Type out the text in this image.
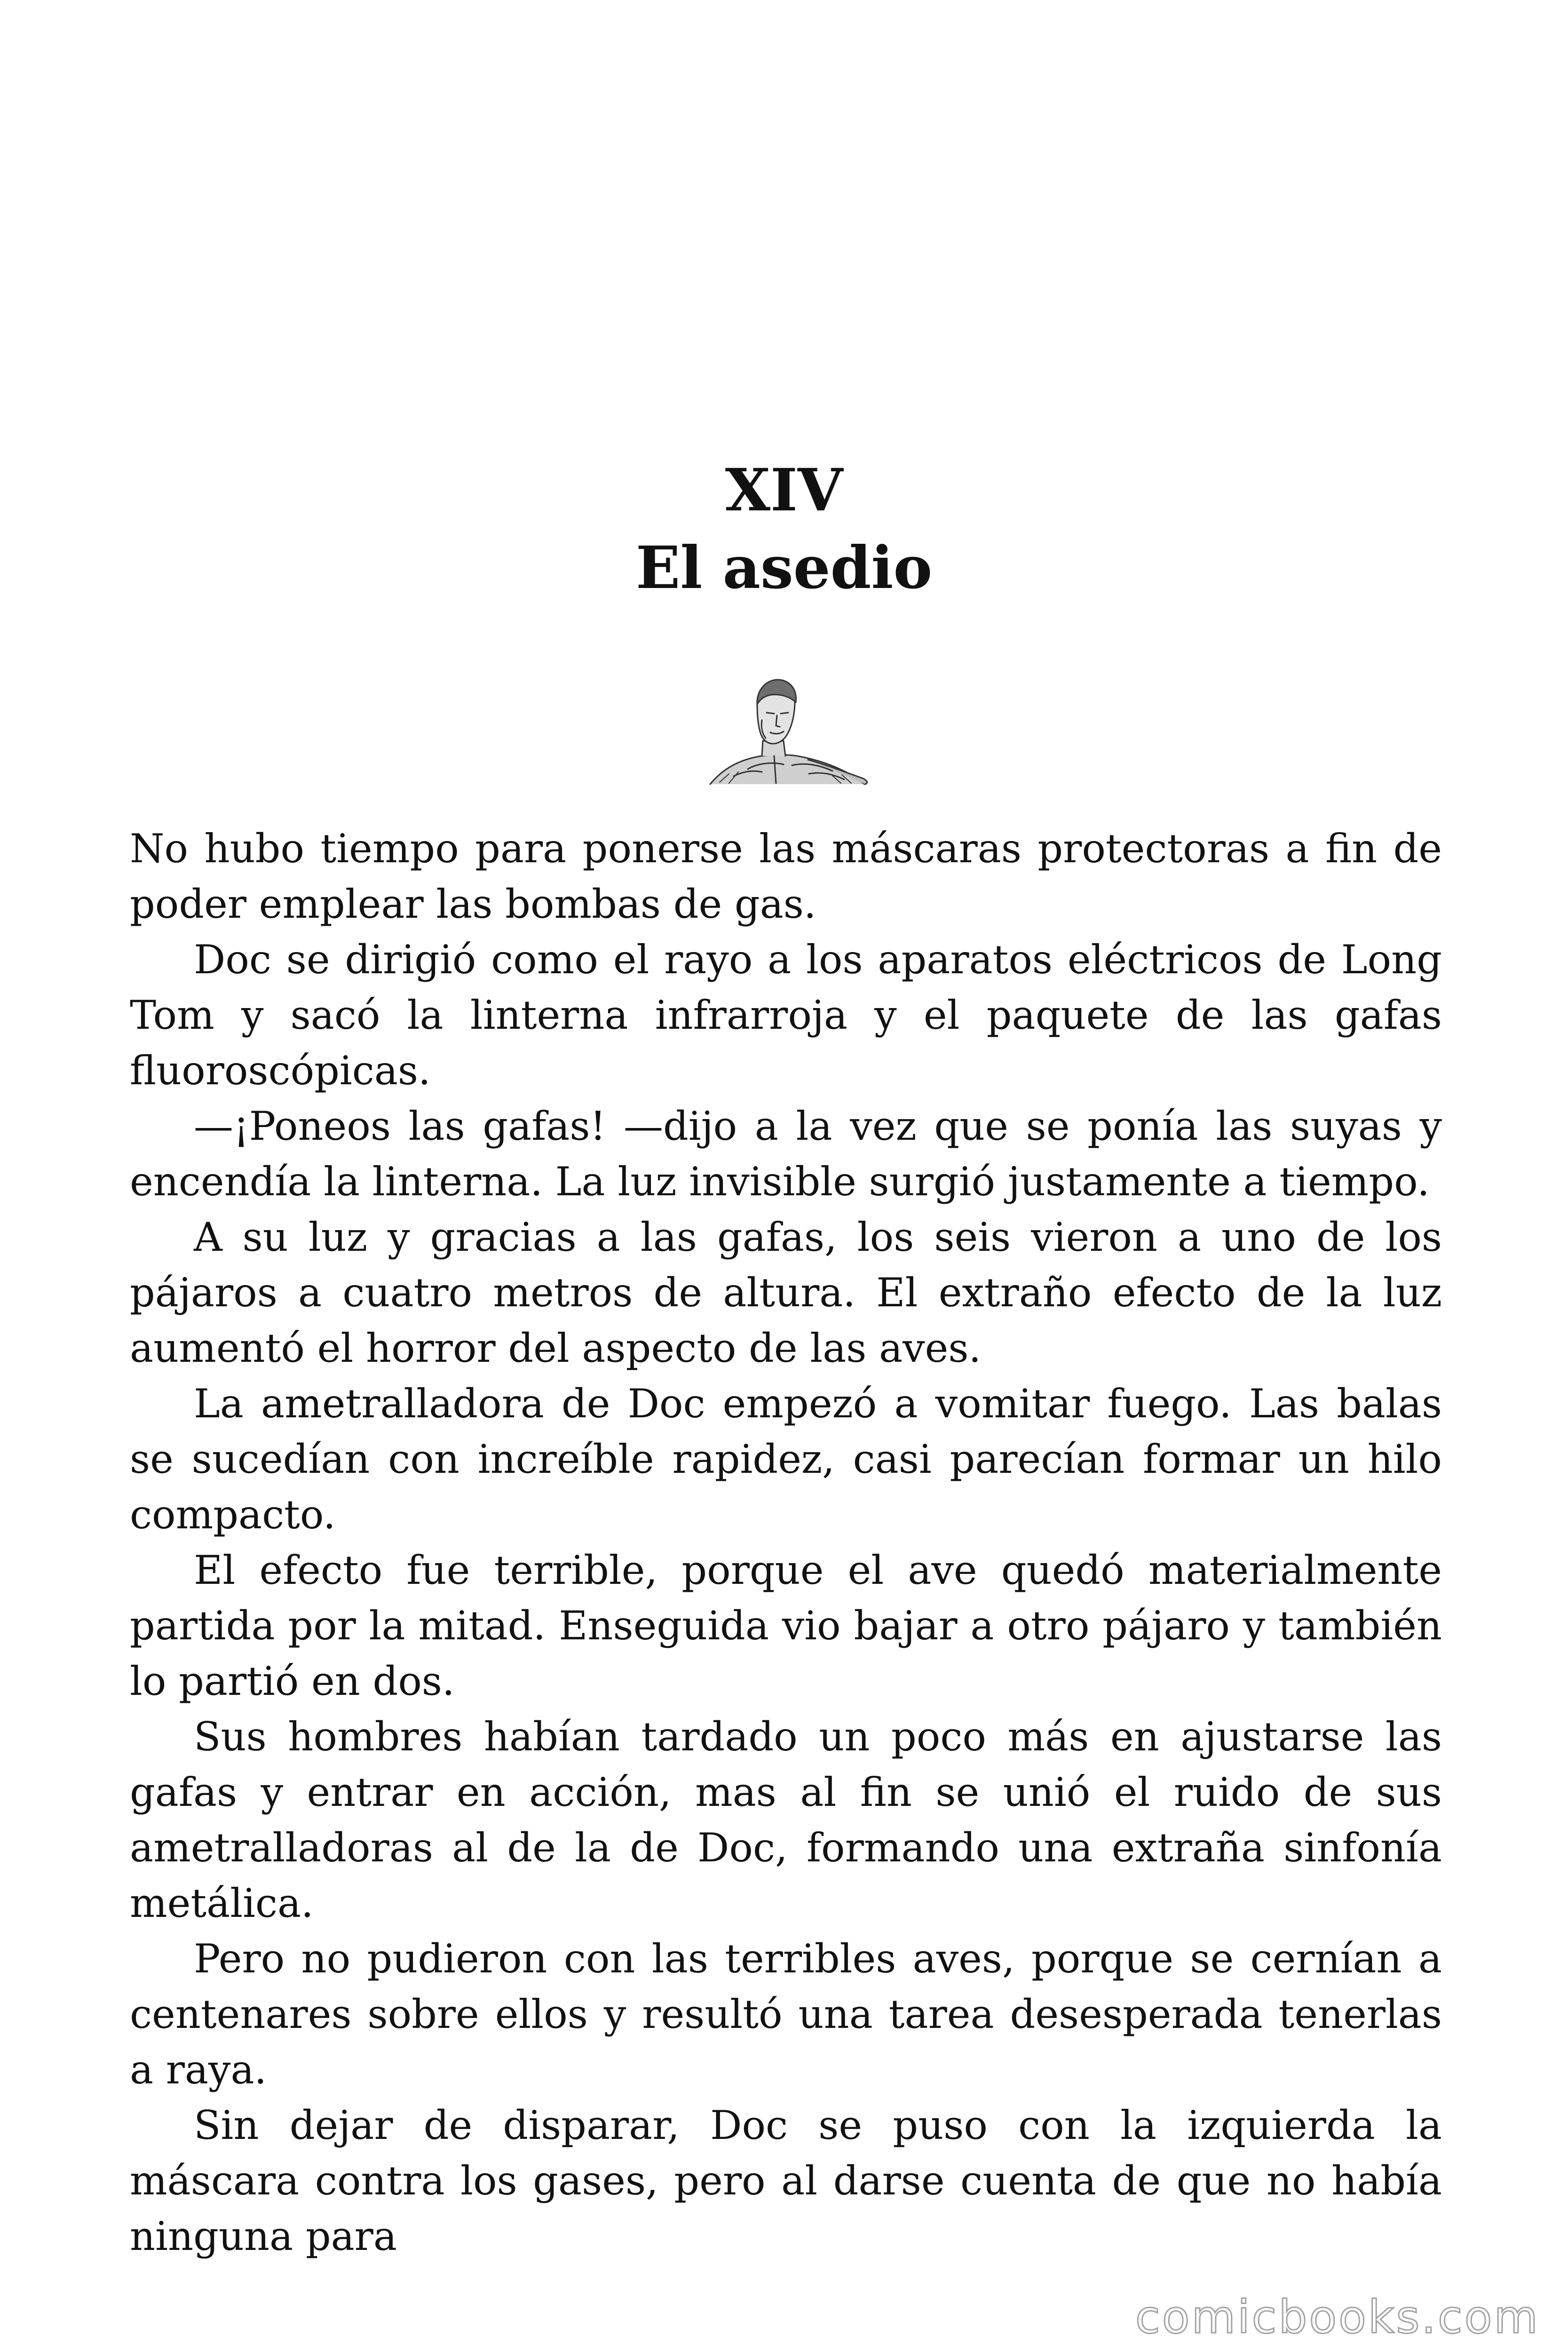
XIV
El asedio

No hubo tiempo para ponerse las máscaras protectoras a fin de poder emplear las bombas de gas.

Doc se dirigió como el rayo a los aparatos eléctricos de Long Tom y sacó la linterna infrarroja y el paquete de las gafas fluoroscópicas.

—¡Poneos las gafas! —dijo a la vez que se ponía las suyas y encendía la linterna. La luz invisible surgió justamente a tiempo.

A su luz y gracias a las gafas, los seis vieron a uno de los pájaros a cuatro metros de altura. El extraño efecto de la luz aumentó el horror del aspecto de las aves.

La ametralladora de Doc empezó a vomitar fuego. Las balas se sucedían con increíble rapidez, casi parecían formar un hilo compacto.

El efecto fue terrible, porque el ave quedó materialmente partida por la mitad. Enseguida vio bajar a otro pájaro y también lo partió en dos.

Sus hombres habían tardado un poco más en ajustarse las gafas y entrar en acción, mas al fin se unió el ruido de sus ametralladoras al de la de Doc, formando una extraña sinfonía metálica.

Pero no pudieron con las terribles aves, porque se cernían a centenares sobre ellos y resultó una tarea desesperada tenerlas a raya.

Sin dejar de disparar, Doc se puso con la izquierda la máscara contra los gases, pero al darse cuenta de que no había ninguna para

comicbooks.com
